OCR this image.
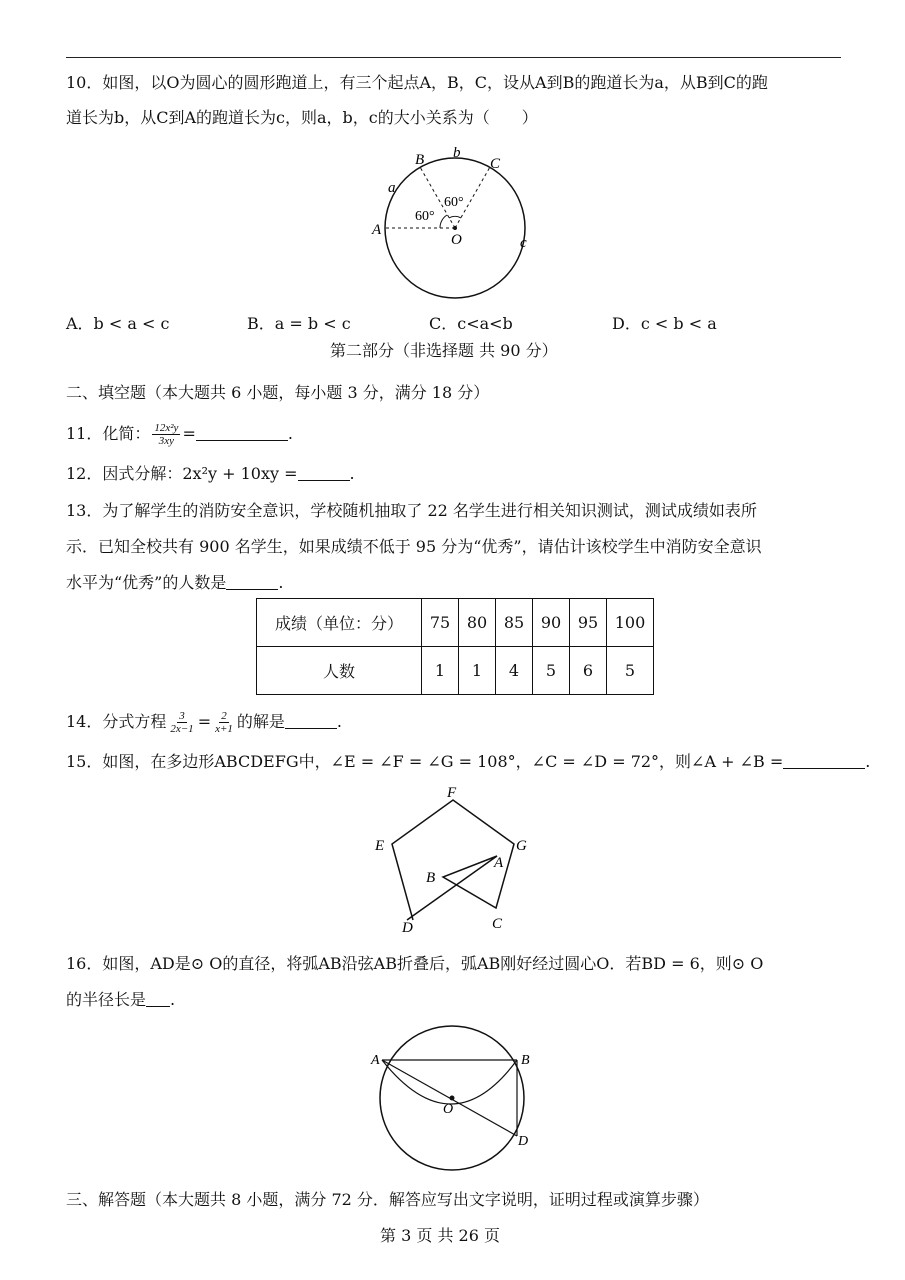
10．如图，以O为圆心的圆形跑道上，有三个起点A，B，C，设从A到B的跑道长为a，从B到C的跑
道长为b，从C到A的跑道长为c，则a，b，c的大小关系为（　　）
A
B	C
O
a
b
c
60°
60°
A．b < a < c	B．a = b < c	C．c<a<b	D．c < b < a
第二部分（非选择题 共 90 分）
二、填空题（本大题共 6 小题，每小题 3 分，满分 18 分）
11．化简： $\frac{\text{12x²y}}{3xy}$ =	.
12．因式分解：2x²y + 10xy =	.
13．为了解学生的消防安全意识，学校随机抽取了 22 名学生进行相关知识测试，测试成绩如表所
示．已知全校共有 900 名学生，如果成绩不低于 95 分为“优秀”，请估计该校学生中消防安全意识
水平为“优秀”的人数是	.
成绩（单位：分）	75	80	85	90	95	100
人数	1	1	4	5	6	5
14．分式方程 $\frac{3}{2x-1} = \frac{2}{x+1}$ 的解是	.
15．如图，在多边形ABCDEFG中，∠E = ∠F = ∠G = 108°，∠C = ∠D = 72°，则∠A + ∠B =	.
F
E	G
A
B
D	C
16．如图，AD是⊙ O的直径，将弧AB沿弦AB折叠后，弧AB刚好经过圆心O．若BD = 6，则⊙ O
的半径长是 .
A	B
O
D
三、解答题（本大题共 8 小题，满分 72 分．解答应写出文字说明，证明过程或演算步骤）
第 3 页 共 26 页
